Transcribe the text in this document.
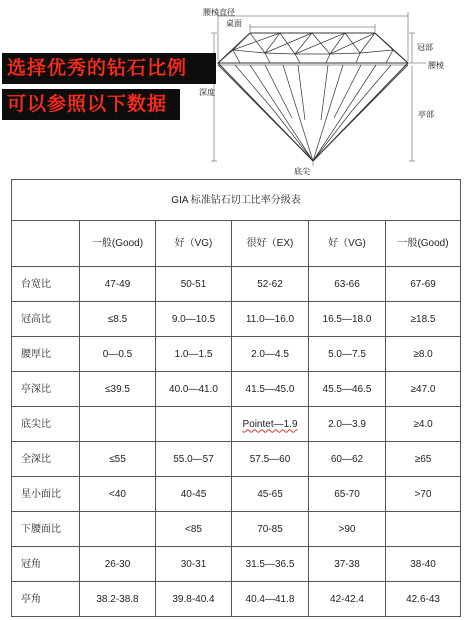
腰棱直径
桌面
冠部
腰棱
深度
亭部
底尖
选择优秀的钻石比例
可以参照以下数据
GIA 标准钻石切工比率分级表					
	一般(Good)	好（VG)	很好（EX)	好（VG)	一般(Good)
台宽比	47-49	50-51	52-62	63-66	67-69
冠高比	≤8.5	9.0—10.5	11.0—16.0	16.5—18.0	≥18.5
腰厚比	0—0.5	1.0—1.5	2.0—4.5	5.0—7.5	≥8.0
亭深比	≤39.5	40.0—41.0	41.5—45.0	45.5—46.5	≥47.0
底尖比			Pointet—1.9	2.0—3.9	≥4.0
全深比	≤55	55.0—57	57.5—60	60—62	≥65
星小面比	<40	40-45	45-65	65-70	>70
下腰面比		<85	70-85	>90	
冠角	26-30	30-31	31.5—36.5	37-38	38-40
亭角	38.2-38.8	39.8-40.4	40.4—41.8	42-42.4	42.6-43
